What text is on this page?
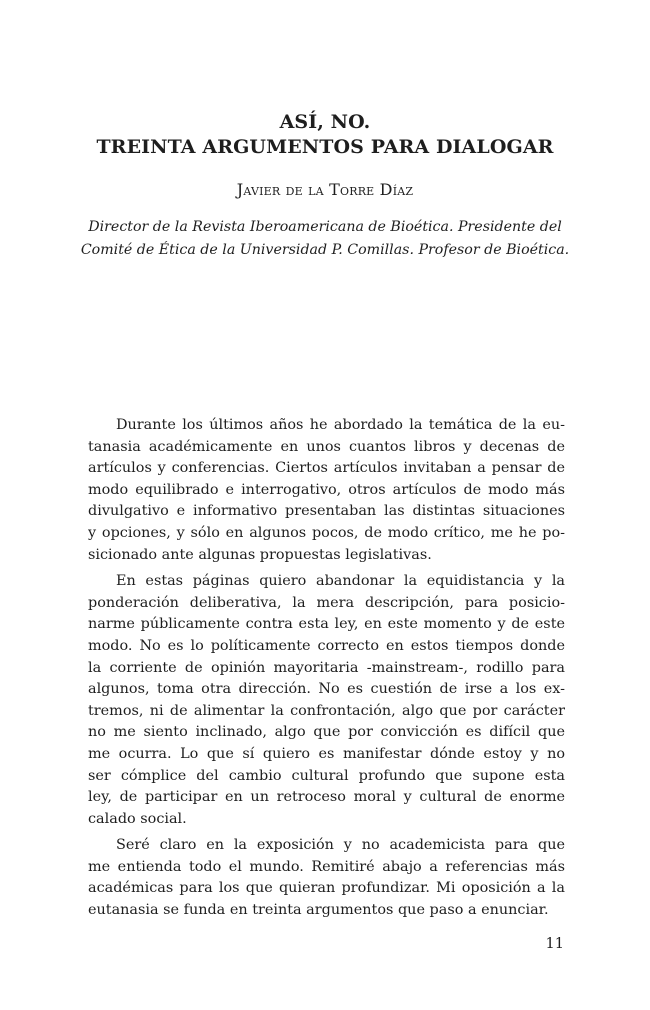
ASÍ, NO.
TREINTA ARGUMENTOS PARA DIALOGAR
Javier de la Torre Díaz
Director de la Revista Iberoamericana de Bioética. Presidente del
Comité de Ética de la Universidad P. Comillas. Profesor de Bioética.

Durante los últimos años he abordado la temática de la eu-
tanasia académicamente en unos cuantos libros y decenas de
artículos y conferencias. Ciertos artículos invitaban a pensar de
modo equilibrado e interrogativo, otros artículos de modo más
divulgativo e informativo presentaban las distintas situaciones
y opciones, y sólo en algunos pocos, de modo crítico, me he po-
sicionado ante algunas propuestas legislativas.

En estas páginas quiero abandonar la equidistancia y la
ponderación deliberativa, la mera descripción, para posicio-
narme públicamente contra esta ley, en este momento y de este
modo. No es lo políticamente correcto en estos tiempos donde
la corriente de opinión mayoritaria -mainstream-, rodillo para
algunos, toma otra dirección. No es cuestión de irse a los ex-
tremos, ni de alimentar la confrontación, algo que por carácter
no me siento inclinado, algo que por convicción es difícil que
me ocurra. Lo que sí quiero es manifestar dónde estoy y no
ser cómplice del cambio cultural profundo que supone esta
ley, de participar en un retroceso moral y cultural de enorme
calado social.

Seré claro en la exposición y no academicista para que
me entienda todo el mundo. Remitiré abajo a referencias más
académicas para los que quieran profundizar. Mi oposición a la
eutanasia se funda en treinta argumentos que paso a enunciar.

11
